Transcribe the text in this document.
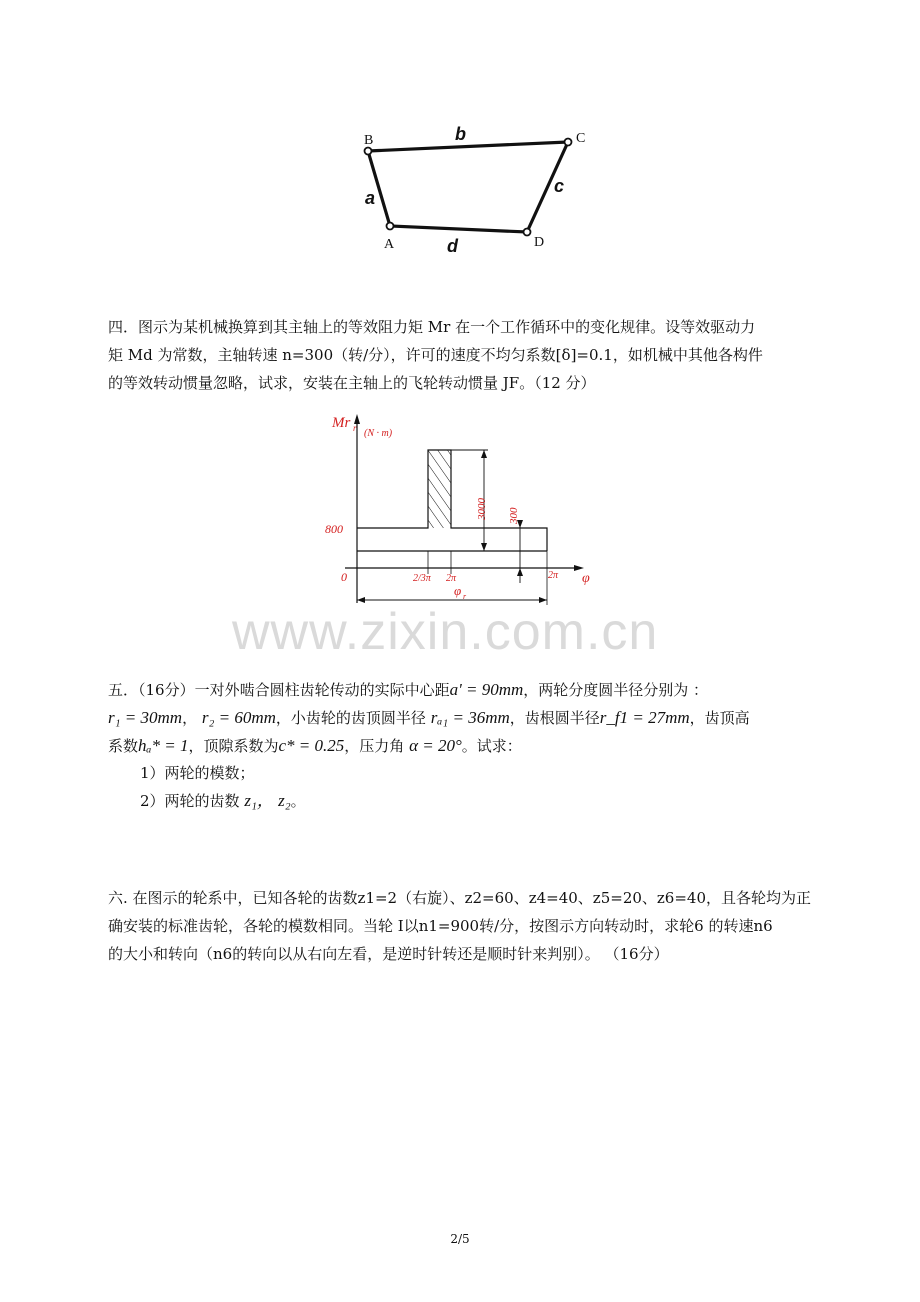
B	C
A	D
b
a
c
d
四．图示为某机械换算到其主轴上的等效阻力矩 Mr 在一个工作循环中的变化规律。设等效驱动力
矩 Md 为常数，主轴转速 n=300（转/分），许可的速度不均匀系数[δ]=0.1，如机械中其他各构件
的等效转动惯量忽略，试求，安装在主轴上的飞轮转动惯量 JF。（12 分）
Mr r (N · m)
800
0	2/3π 2π	2π φ
φ r
3000 300
www.zixin.com.cn
五．（16分）一对外啮合圆柱齿轮传动的实际中心距a' = 90mm，两轮分度圆半径分别为 ：
r₁ = 30mm， r₂ = 60mm，小齿轮的齿顶圆半径 rₐ₁ = 36mm，齿根圆半径r_f1 = 27mm，齿顶高
系数hₐ* = 1，顶隙系数为c* = 0.25，压力角 α = 20°。试求：
1）两轮的模数；
2）两轮的齿数 z₁， z₂。
六. 在图示的轮系中，已知各轮的齿数z1=2（右旋）、z2=60、z4=40、z5=20、z6=40，且各轮均为正
确安装的标准齿轮，各轮的模数相同。当轮 I以n1=900转/分，按图示方向转动时，求轮6 的转速n6
的大小和转向（n6的转向以从右向左看，是逆时针转还是顺时针来判别）。 （16分）
2/5
